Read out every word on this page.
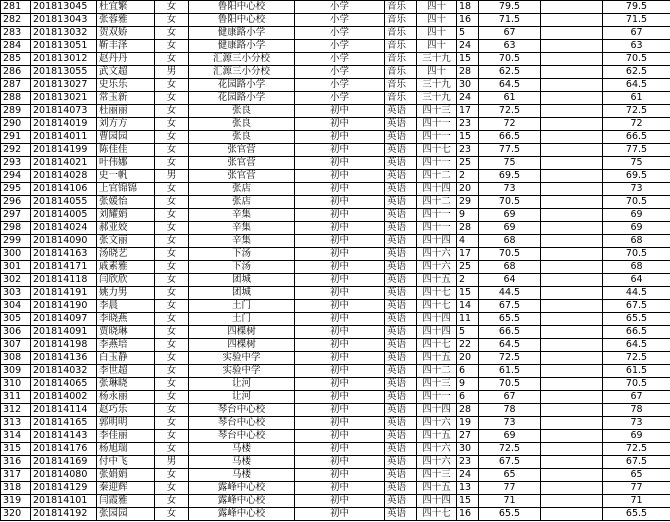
281	201813045	杜宜繁	女	鲁阳中心校	小学	音乐	四十	18	79.5		79.5
282	201813043	张蓉雅	女	鲁阳中心校	小学	音乐	四十	16	71.5		71.5
283	201813032	贺双娇	女	健康路小学	小学	音乐	四十	5	67		67
284	201813051	靳丰泽	女	健康路小学	小学	音乐	四十	24	63		63
285	201813012	赵丹丹	女	汇源三小分校	小学	音乐	三十九	15	70.5		70.5
286	201813055	武文超	男	汇源三小分校	小学	音乐	四十	28	62.5		62.5
287	201813027	史乐乐	女	花园路小学	小学	音乐	三十九	30	64.5		64.5
288	201813021	常玉新	女	花园路小学	小学	音乐	三十九	24	61		61
289	201814073	杜丽丽	女	张良	初中	英语	四十三	17	72.5		72.5
290	201814019	刘方方	女	张良	初中	英语	四十一	23	72		72
291	201814011	曹园园	女	张良	初中	英语	四十一	15	66.5		66.5
292	201814199	陈佳佳	女	张官营	初中	英语	四十七	23	77.5		77.5
293	201814021	叶伟娜	女	张官营	初中	英语	四十一	25	75		75
294	201814028	史一帆	男	张官营	初中	英语	四十二	2	69.5		69.5
295	201814106	上官锦锦	女	张店	初中	英语	四十四	20	73		73
296	201814055	张媛怡	女	张店	初中	英语	四十二	29	70.5		70.5
297	201814005	刘耀娟	女	辛集	初中	英语	四十一	9	69		69
298	201814024	郝亚姣	女	辛集	初中	英语	四十一	28	69		69
299	201814090	张文丽	女	辛集	初中	英语	四十四	4	68		68
300	201814163	汤晓艺	女	下汤	初中	英语	四十六	17	70.5		70.5
301	201814171	戚素雅	女	下汤	初中	英语	四十六	25	68		68
302	201814118	闫欣欣	女	团城	初中	英语	四十五	2	64		64
303	201814191	姚力男	女	团城	初中	英语	四十七	15	44.5		44.5
304	201814190	李晨	女	土门	初中	英语	四十七	14	67.5		67.5
305	201814097	李晓燕	女	土门	初中	英语	四十四	11	65.5		65.5
306	201814091	贾晓琳	女	四棵树	初中	英语	四十四	5	66.5		66.5
307	201814198	李燕培	女	四棵树	初中	英语	四十七	22	64.5		64.5
308	201814136	白玉静	女	实验中学	初中	英语	四十五	20	72.5		72.5
309	201814032	李世超	女	实验中学	初中	英语	四十二	6	61.5		61.5
310	201814065	张琳晓	女	让河	初中	英语	四十三	9	70.5		70.5
311	201814002	杨永丽	女	让河	初中	英语	四十一	6	67		67
312	201814114	赵巧乐	女	琴台中心校	初中	英语	四十四	28	78		78
313	201814165	郭明明	女	琴台中心校	初中	英语	四十六	19	73		73
314	201814143	李佳丽	女	琴台中心校	初中	英语	四十五	27	69		69
315	201814176	杨旭瑞	女	马楼	初中	英语	四十六	30	72.5		72.5
316	201814169	付中飞	男	马楼	初中	英语	四十六	23	67.5		67.5
317	201814080	张娟娟	女	马楼	初中	英语	四十三	24	65		65
318	201814129	秦迎辉	女	露峰中心校	初中	英语	四十五	13	77		77
319	201814101	闫霞雅	女	露峰中心校	初中	英语	四十四	15	71		71
320	201814192	张园园	女	露峰中心校	初中	英语	四十七	16	65.5		65.5
